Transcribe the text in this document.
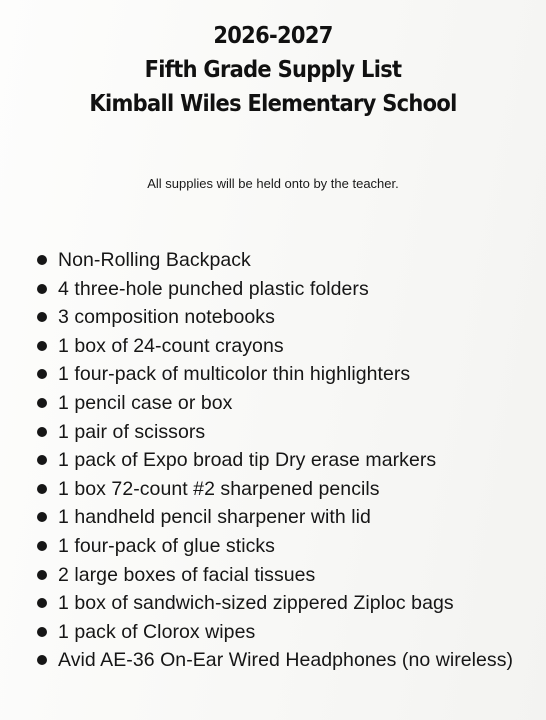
2026-2027
Fifth Grade Supply List
Kimball Wiles Elementary School
All supplies will be held onto by the teacher.
Non-Rolling Backpack
4 three-hole punched plastic folders
3 composition notebooks
1 box of 24-count crayons
1 four-pack of multicolor thin highlighters
1 pencil case or box
1 pair of scissors
1 pack of Expo broad tip Dry erase markers
1 box 72-count #2 sharpened pencils
1 handheld pencil sharpener with lid
1 four-pack of glue sticks
2 large boxes of facial tissues
1 box of sandwich-sized zippered Ziploc bags
1 pack of Clorox wipes
Avid AE-36 On-Ear Wired Headphones (no wireless)
